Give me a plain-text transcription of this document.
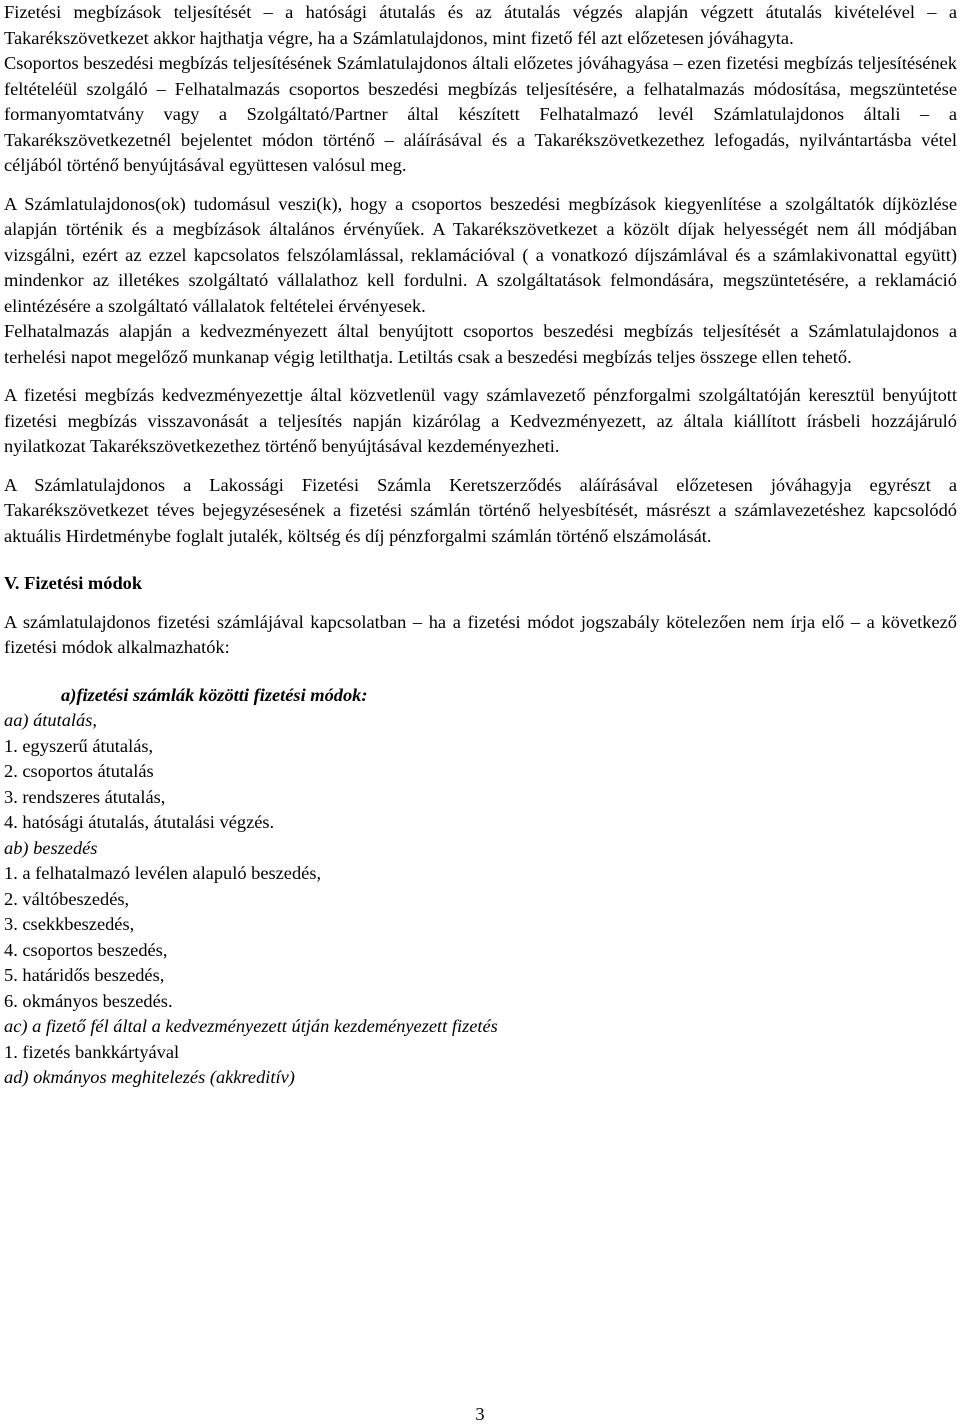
Fizetési megbízások teljesítését – a hatósági átutalás és az átutalás végzés alapján végzett átutalás kivételével – a Takarékszövetkezet akkor hajthatja végre, ha a Számlatulajdonos, mint fizető fél azt előzetesen jóváhagyta.

Csoportos beszedési megbízás teljesítésének Számlatulajdonos általi előzetes jóváhagyása – ezen fizetési megbízás teljesítésének feltételéül szolgáló – Felhatalmazás csoportos beszedési megbízás teljesítésére, a felhatalmazás módosítása, megszüntetése formanyomtatvány vagy a Szolgáltató/Partner által készített Felhatalmazó levél Számlatulajdonos általi – a Takarékszövetkezetnél bejelentet módon történő – aláírásával és a Takarékszövetkezethez lefogadás, nyilvántartásba vétel céljából történő benyújtásával együttesen valósul meg.

A Számlatulajdonos(ok) tudomásul veszi(k), hogy a csoportos beszedési megbízások kiegyenlítése a szolgáltatók díjközlése alapján történik és a megbízások általános érvényűek. A Takarékszövetkezet a közölt díjak helyességét nem áll módjában vizsgálni, ezért az ezzel kapcsolatos felszólamlással, reklamációval ( a vonatkozó díjszámlával és a számlakivonattal együtt) mindenkor az illetékes szolgáltató vállalathoz kell fordulni. A szolgáltatások felmondására, megszüntetésére, a reklamáció elintézésére a szolgáltató vállalatok feltételei érvényesek.

Felhatalmazás alapján a kedvezményezett által benyújtott csoportos beszedési megbízás teljesítését a Számlatulajdonos a terhelési napot megelőző munkanap végig letilthatja. Letiltás csak a beszedési megbízás teljes összege ellen tehető.

A fizetési megbízás kedvezményezettje által közvetlenül vagy számlavezető pénzforgalmi szolgáltatóján keresztül benyújtott fizetési megbízás visszavonását a teljesítés napján kizárólag a Kedvezményezett, az általa kiállított írásbeli hozzájáruló nyilatkozat Takarékszövetkezethez történő benyújtásával kezdeményezheti.

A Számlatulajdonos a Lakossági Fizetési Számla Keretszerződés aláírásával előzetesen jóváhagyja egyrészt a Takarékszövetkezet téves bejegyzésesének a fizetési számlán történő helyesbítését, másrészt a számlavezetéshez kapcsolódó aktuális Hirdetménybe foglalt jutalék, költség és díj pénzforgalmi számlán történő elszámolását.

V. Fizetési módok

A számlatulajdonos fizetési számlájával kapcsolatban – ha a fizetési módot jogszabály kötelezően nem írja elő – a következő fizetési módok alkalmazhatók:

a)fizetési számlák közötti fizetési módok:

aa) átutalás,
1. egyszerű átutalás,
2. csoportos átutalás
3. rendszeres átutalás,
4. hatósági átutalás, átutalási végzés.
ab) beszedés
1. a felhatalmazó levélen alapuló beszedés,
2. váltóbeszedés,
3. csekkbeszedés,
4. csoportos beszedés,
5. határidős beszedés,
6. okmányos beszedés.
ac) a fizető fél által a kedvezményezett útján kezdeményezett fizetés
1. fizetés bankkártyával
ad) okmányos meghitelezés (akkreditív)
3
